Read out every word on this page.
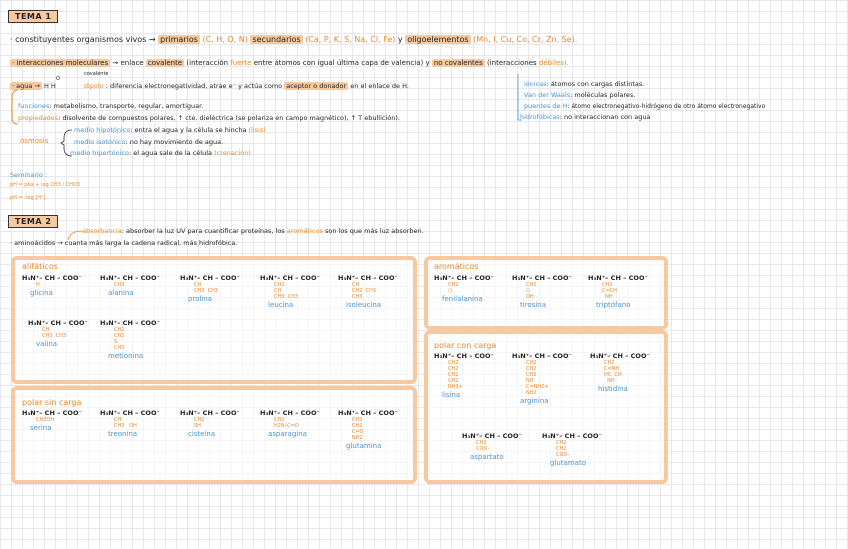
TEMA 1
· constituyentes organismos vivos → primarios (C, H, O, N) secundarios (Ca, P, K, S, Na, Cl, Fe) y oligoelementos (Mn, I, Cu, Co, Cr, Zn, Se).
· interacciones moleculares → enlace covalente (interacción fuerte entre átomos con igual última capa de valencia) y no covalentes (interacciones débiles).
covalente
O
· agua → H H	dipolo : diferencia electronegatividad, atrae e⁻ y actúa como aceptor o donador en el enlace de H.
funciones: metabolismo, transporte, regular, amortiguar.
propiedades: disolvente de compuestos polares, ↑ cte. dieléctrica (se polariza en campo magnético), ↑ T ebullición).
medio hipotónico: entra el agua y la célula se hincha (lisis)
ósmosis	medio isotónico: no hay movimiento de agua.
medio hipertónico: el agua sale de la célula (crenación)
iónicas: átomos con cargas distintas.
Van der Waals: moléculas polares.
puentes de H: átomo electronegativo-hidrógeno de otro átomo electronegativo
hidrofóbicas: no interaccionan con agua
Seminario :
pH = pKa + log CH3 / CHO3
pH = -log [H⁺]
TEMA 2
absorbancia: absorber la luz UV para cuantificar proteínas, los aromáticos son los que más luz absorben.
· aminoácidos → cuanta más larga la cadena radical, más hidrofóbica.
alifáticos
polar sin carga
aromáticos
polar con carga
H₃N⁺– CH – COO⁻
H
glicina
H₃N⁺– CH – COO⁻
CH3
alanina
H₃N⁺– CH – COO⁻
CH
CH3  CH3
prolina
H₃N⁺– CH – COO⁻
CH2
CH
CH3  CH3
leucina
H₃N⁺– CH – COO⁻
CH
CH2  CH3
CH3
isoleucina
H₃N⁺– CH – COO⁻
CH
CH3  CH3
valina
H₃N⁺– CH – COO⁻
CH2
CH2
S
CH3
metionina
H₃N⁺– CH – COO⁻
CH2OH
serina
H₃N⁺– CH – COO⁻
CH
CH3   OH
treonina
H₃N⁺– CH – COO⁻
CH2
SH
cisteína
H₃N⁺– CH – COO⁻
CH2
H2N–C=O
asparagina
H₃N⁺– CH – COO⁻
CH2
CH2
C=O
NH2
glutamina
H₃N⁺– CH – COO⁻
CH2
⬡
fenilalanina
H₃N⁺– CH – COO⁻
CH2
⬡
OH
tirosina
H₃N⁺– CH – COO⁻
CH2
C=CH
NH
triptófano
H₃N⁺– CH – COO⁻
CH2
CH2
CH2
CH2
NH3+
lisina
H₃N⁺– CH – COO⁻
CH2
CH2
CH2
NH
C=NH2+
NH2
arginina
H₃N⁺– CH – COO⁻
CH2
C=NH
HC  CH
NH
histidina
H₃N⁺– CH – COO⁻
CH2
COO-
aspartato
H₃N⁺– CH – COO⁻
CH2
CH2
COO-
glutamato
